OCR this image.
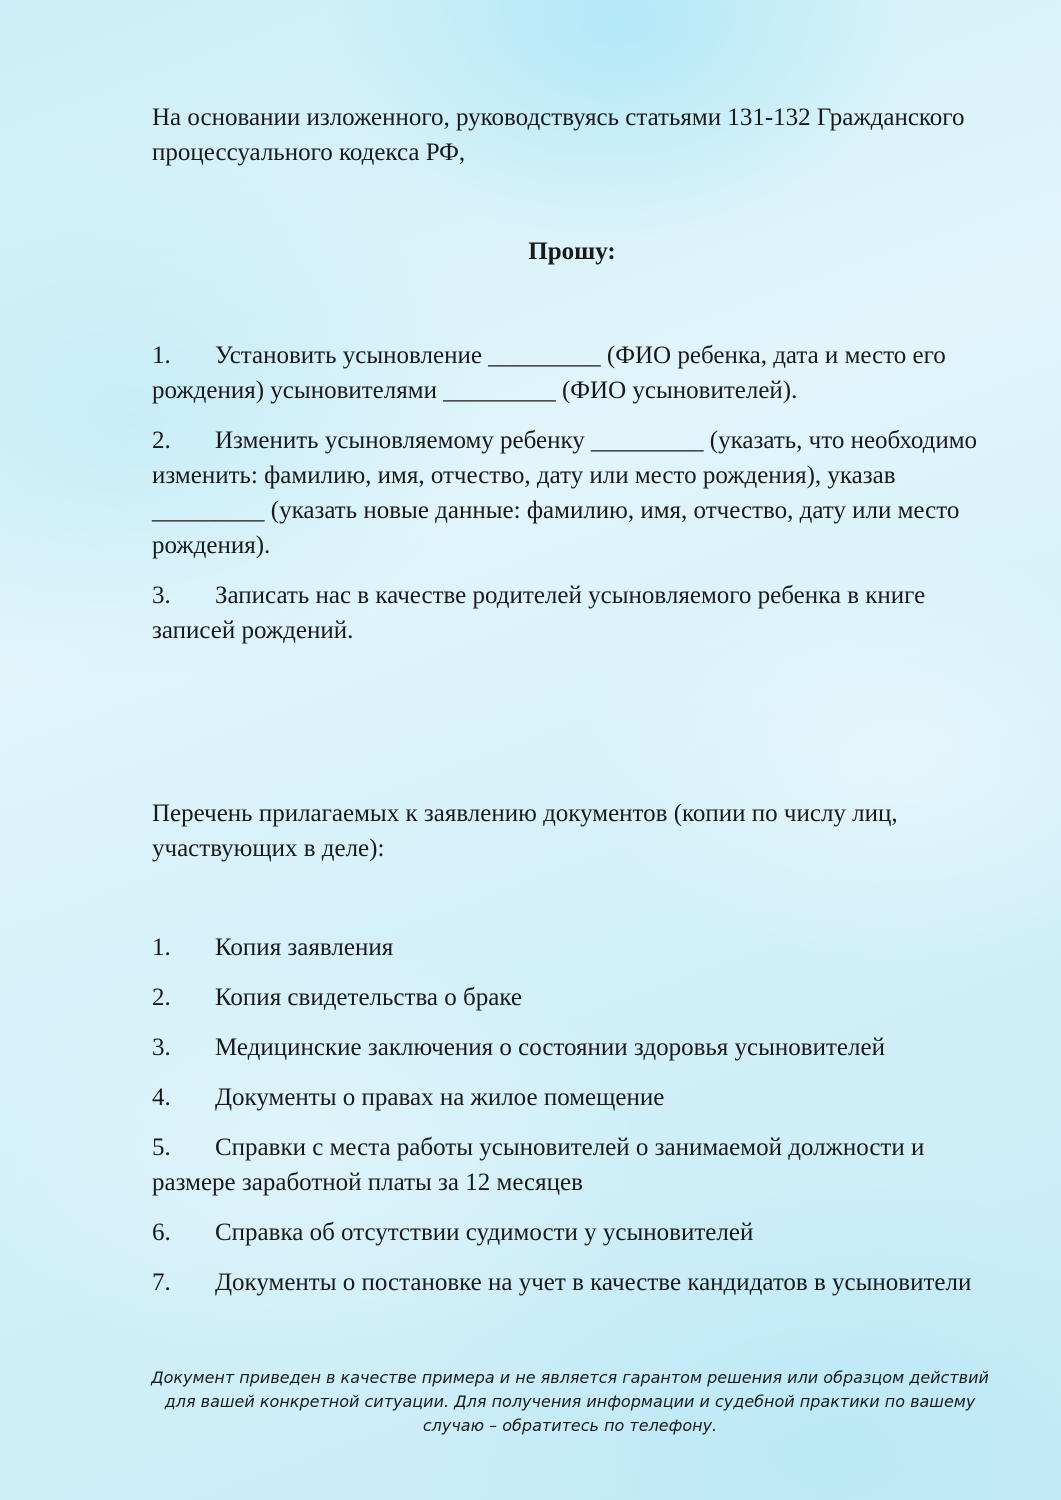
На основании изложенного, руководствуясь статьями 131-132 Гражданского процессуального кодекса РФ,

Прошу:

1. Установить усыновление _________ (ФИО ребенка, дата и место его рождения) усыновителями _________ (ФИО усыновителей).

2. Изменить усыновляемому ребенку _________ (указать, что необходимо изменить: фамилию, имя, отчество, дату или место рождения), указав _________ (указать новые данные: фамилию, имя, отчество, дату или место рождения).

3. Записать нас в качестве родителей усыновляемого ребенка в книге записей рождений.

Перечень прилагаемых к заявлению документов (копии по числу лиц, участвующих в деле):

1. Копия заявления

2. Копия свидетельства о браке

3. Медицинские заключения о состоянии здоровья усыновителей

4. Документы о правах на жилое помещение

5. Справки с места работы усыновителей о занимаемой должности и размере заработной платы за 12 месяцев

6. Справка об отсутствии судимости у усыновителей

7. Документы о постановке на учет в качестве кандидатов в усыновители

Документ приведен в качестве примера и не является гарантом решения или образцом действий для вашей конкретной ситуации. Для получения информации и судебной практики по вашему случаю – обратитесь по телефону.
